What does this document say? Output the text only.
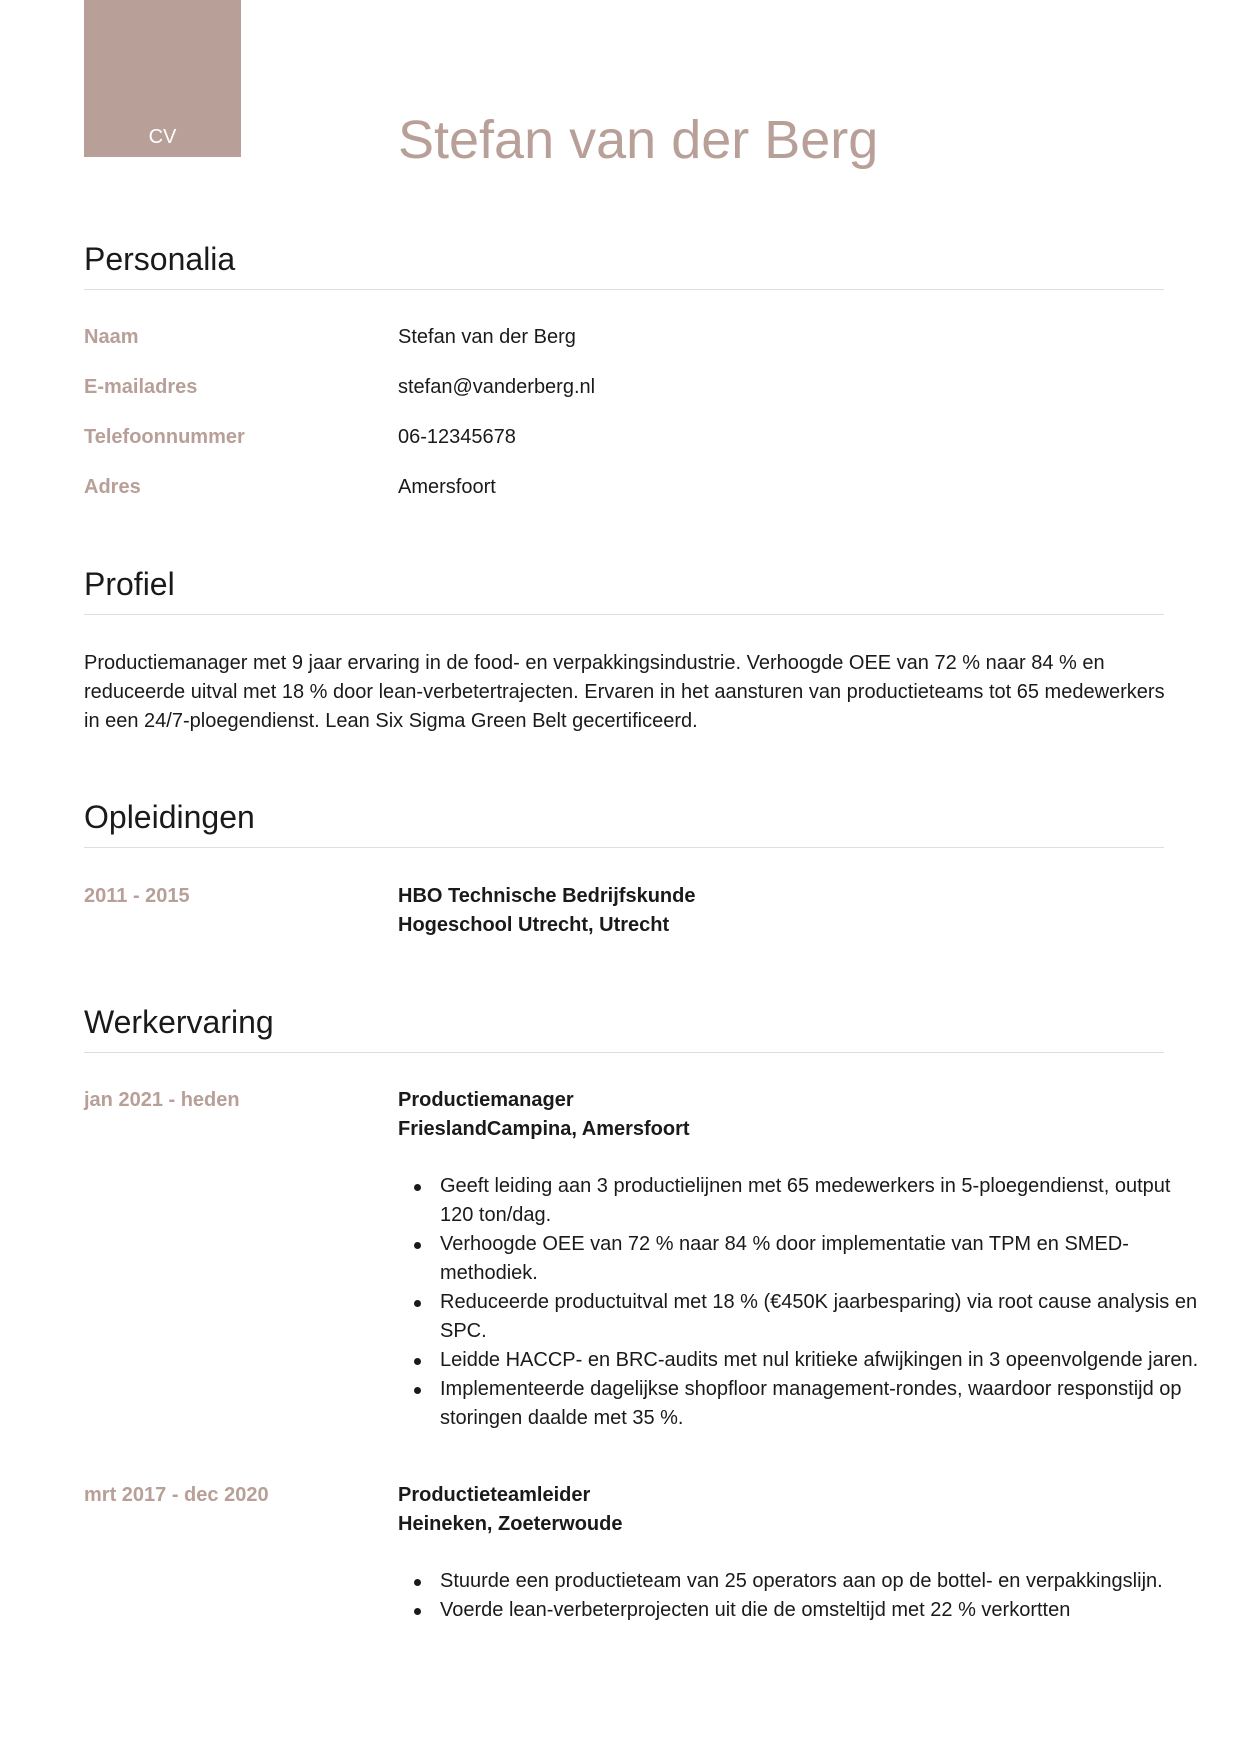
CV	Stefan van der Berg
Personalia
Naam	Stefan van der Berg
E-mailadres	stefan@vanderberg.nl
Telefoonnummer	06-12345678
Adres	Amersfoort
Profiel

Productiemanager met 9 jaar ervaring in de food- en verpakkingsindustrie. Verhoogde OEE van 72 % naar 84 % en reduceerde uitval met 18 % door lean-verbetertrajecten. Ervaren in het aansturen van productieteams tot 65 medewerkers in een 24/7-ploegendienst. Lean Six Sigma Green Belt gecertificeerd.

Opleidingen
2011 - 2015	HBO Technische Bedrijfskunde
Hogeschool Utrecht, Utrecht
Werkervaring
jan 2021 - heden	Productiemanager
FrieslandCampina, Amersfoort
Geeft leiding aan 3 productielijnen met 65 medewerkers in 5-ploegendienst, output 120 ton/dag.
Verhoogde OEE van 72 % naar 84 % door implementatie van TPM en SMED-methodiek.
Reduceerde productuitval met 18 % (€450K jaarbesparing) via root cause analysis en SPC.
Leidde HACCP- en BRC-audits met nul kritieke afwijkingen in 3 opeenvolgende jaren.
Implementeerde dagelijkse shopfloor management-rondes, waardoor responstijd op storingen daalde met 35 %.
mrt 2017 - dec 2020	Productieteamleider
Heineken, Zoeterwoude
Stuurde een productieteam van 25 operators aan op de bottel- en verpakkingslijn.
Voerde lean-verbeterprojecten uit die de omsteltijd met 22 % verkortten
